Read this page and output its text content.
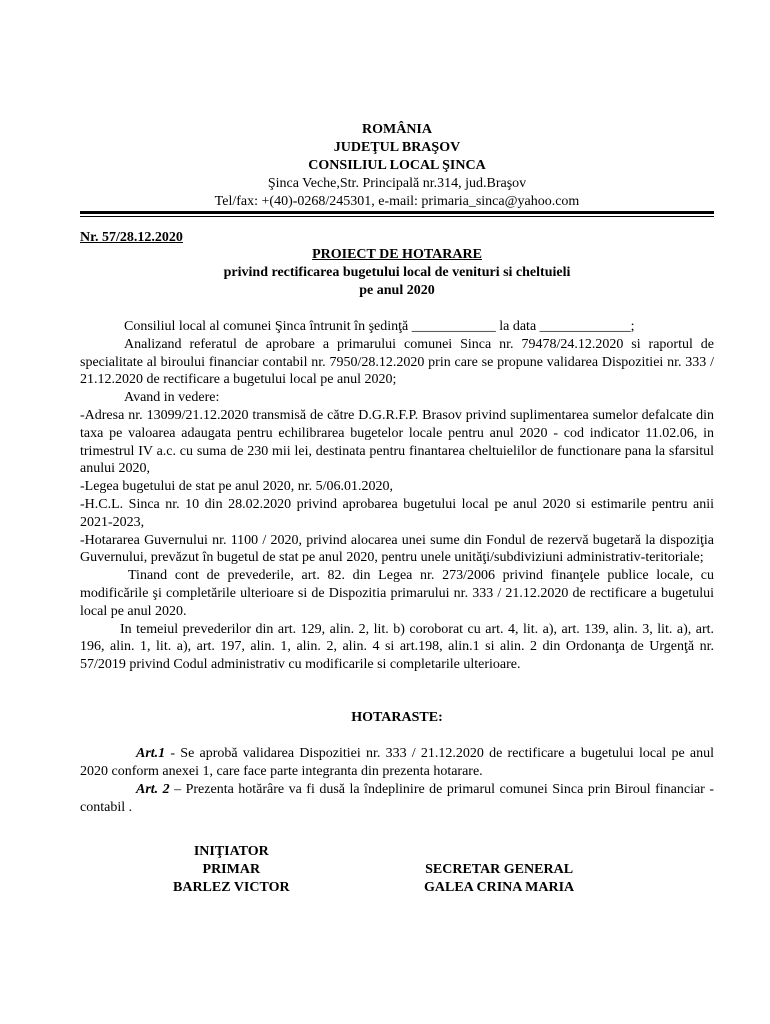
ROMÂNIA
JUDEŢUL BRAŞOV
CONSILIUL LOCAL ŞINCA
Şinca Veche,Str. Principală nr.314, jud.Braşov
Tel/fax: +(40)-0268/245301, e-mail: primaria_sinca@yahoo.com
Nr. 57/28.12.2020
PROIECT DE HOTARARE
privind rectificarea bugetului local de venituri si cheltuieli
pe anul 2020

Consiliul local al comunei Şinca întrunit în şedinţă ____________ la data _____________;

Analizand referatul de aprobare a primarului comunei Sinca nr. 79478/24.12.2020 si raportul de specialitate al biroului financiar contabil nr. 7950/28.12.2020 prin care se propune validarea Dispozitiei nr. 333 / 21.12.2020 de rectificare a bugetului local pe anul 2020;

Avand in vedere:

-Adresa nr. 13099/21.12.2020 transmisă de către D.G.R.F.P. Brasov privind suplimentarea sumelor defalcate din taxa pe valoarea adaugata pentru echilibrarea bugetelor locale pentru anul 2020 - cod indicator 11.02.06, in trimestrul IV a.c. cu suma de 230 mii lei, destinata pentru finantarea cheltuielilor de functionare pana la sfarsitul anului 2020,

-Legea bugetului de stat pe anul 2020, nr. 5/06.01.2020,

-H.C.L. Sinca nr. 10 din 28.02.2020 privind aprobarea bugetului local pe anul 2020 si estimarile pentru anii 2021-2023,

-Hotararea Guvernului nr. 1100 / 2020, privind alocarea unei sume din Fondul de rezervă bugetară la dispoziţia Guvernului, prevăzut în bugetul de stat pe anul 2020, pentru unele unităţi/subdiviziuni administrativ-teritoriale;

Tinand cont de prevederile, art. 82. din Legea nr. 273/2006 privind finanţele publice locale, cu modificările şi completările ulterioare si de Dispozitia primarului nr. 333 / 21.12.2020 de rectificare a bugetului local pe anul 2020.

In temeiul prevederilor din art. 129, alin. 2, lit. b) coroborat cu art. 4, lit. a), art. 139, alin. 3, lit. a), art. 196, alin. 1, lit. a), art. 197, alin. 1, alin. 2, alin. 4 si art.198, alin.1 si alin. 2 din Ordonanţa de Urgenţă nr. 57/2019 privind Codul administrativ cu modificarile si completarile ulterioare.

HOTARASTE:

Art.1 - Se aprobă validarea Dispozitiei nr. 333 / 21.12.2020 de rectificare a bugetului local pe anul 2020 conform anexei 1, care face parte integranta din prezenta hotarare.

Art. 2 – Prezenta hotărâre va fi dusă la îndeplinire de primarul comunei Sinca prin Biroul financiar - contabil .

INIŢIATOR
PRIMAR
BARLEZ VICTOR
SECRETAR GENERAL
GALEA CRINA MARIA
